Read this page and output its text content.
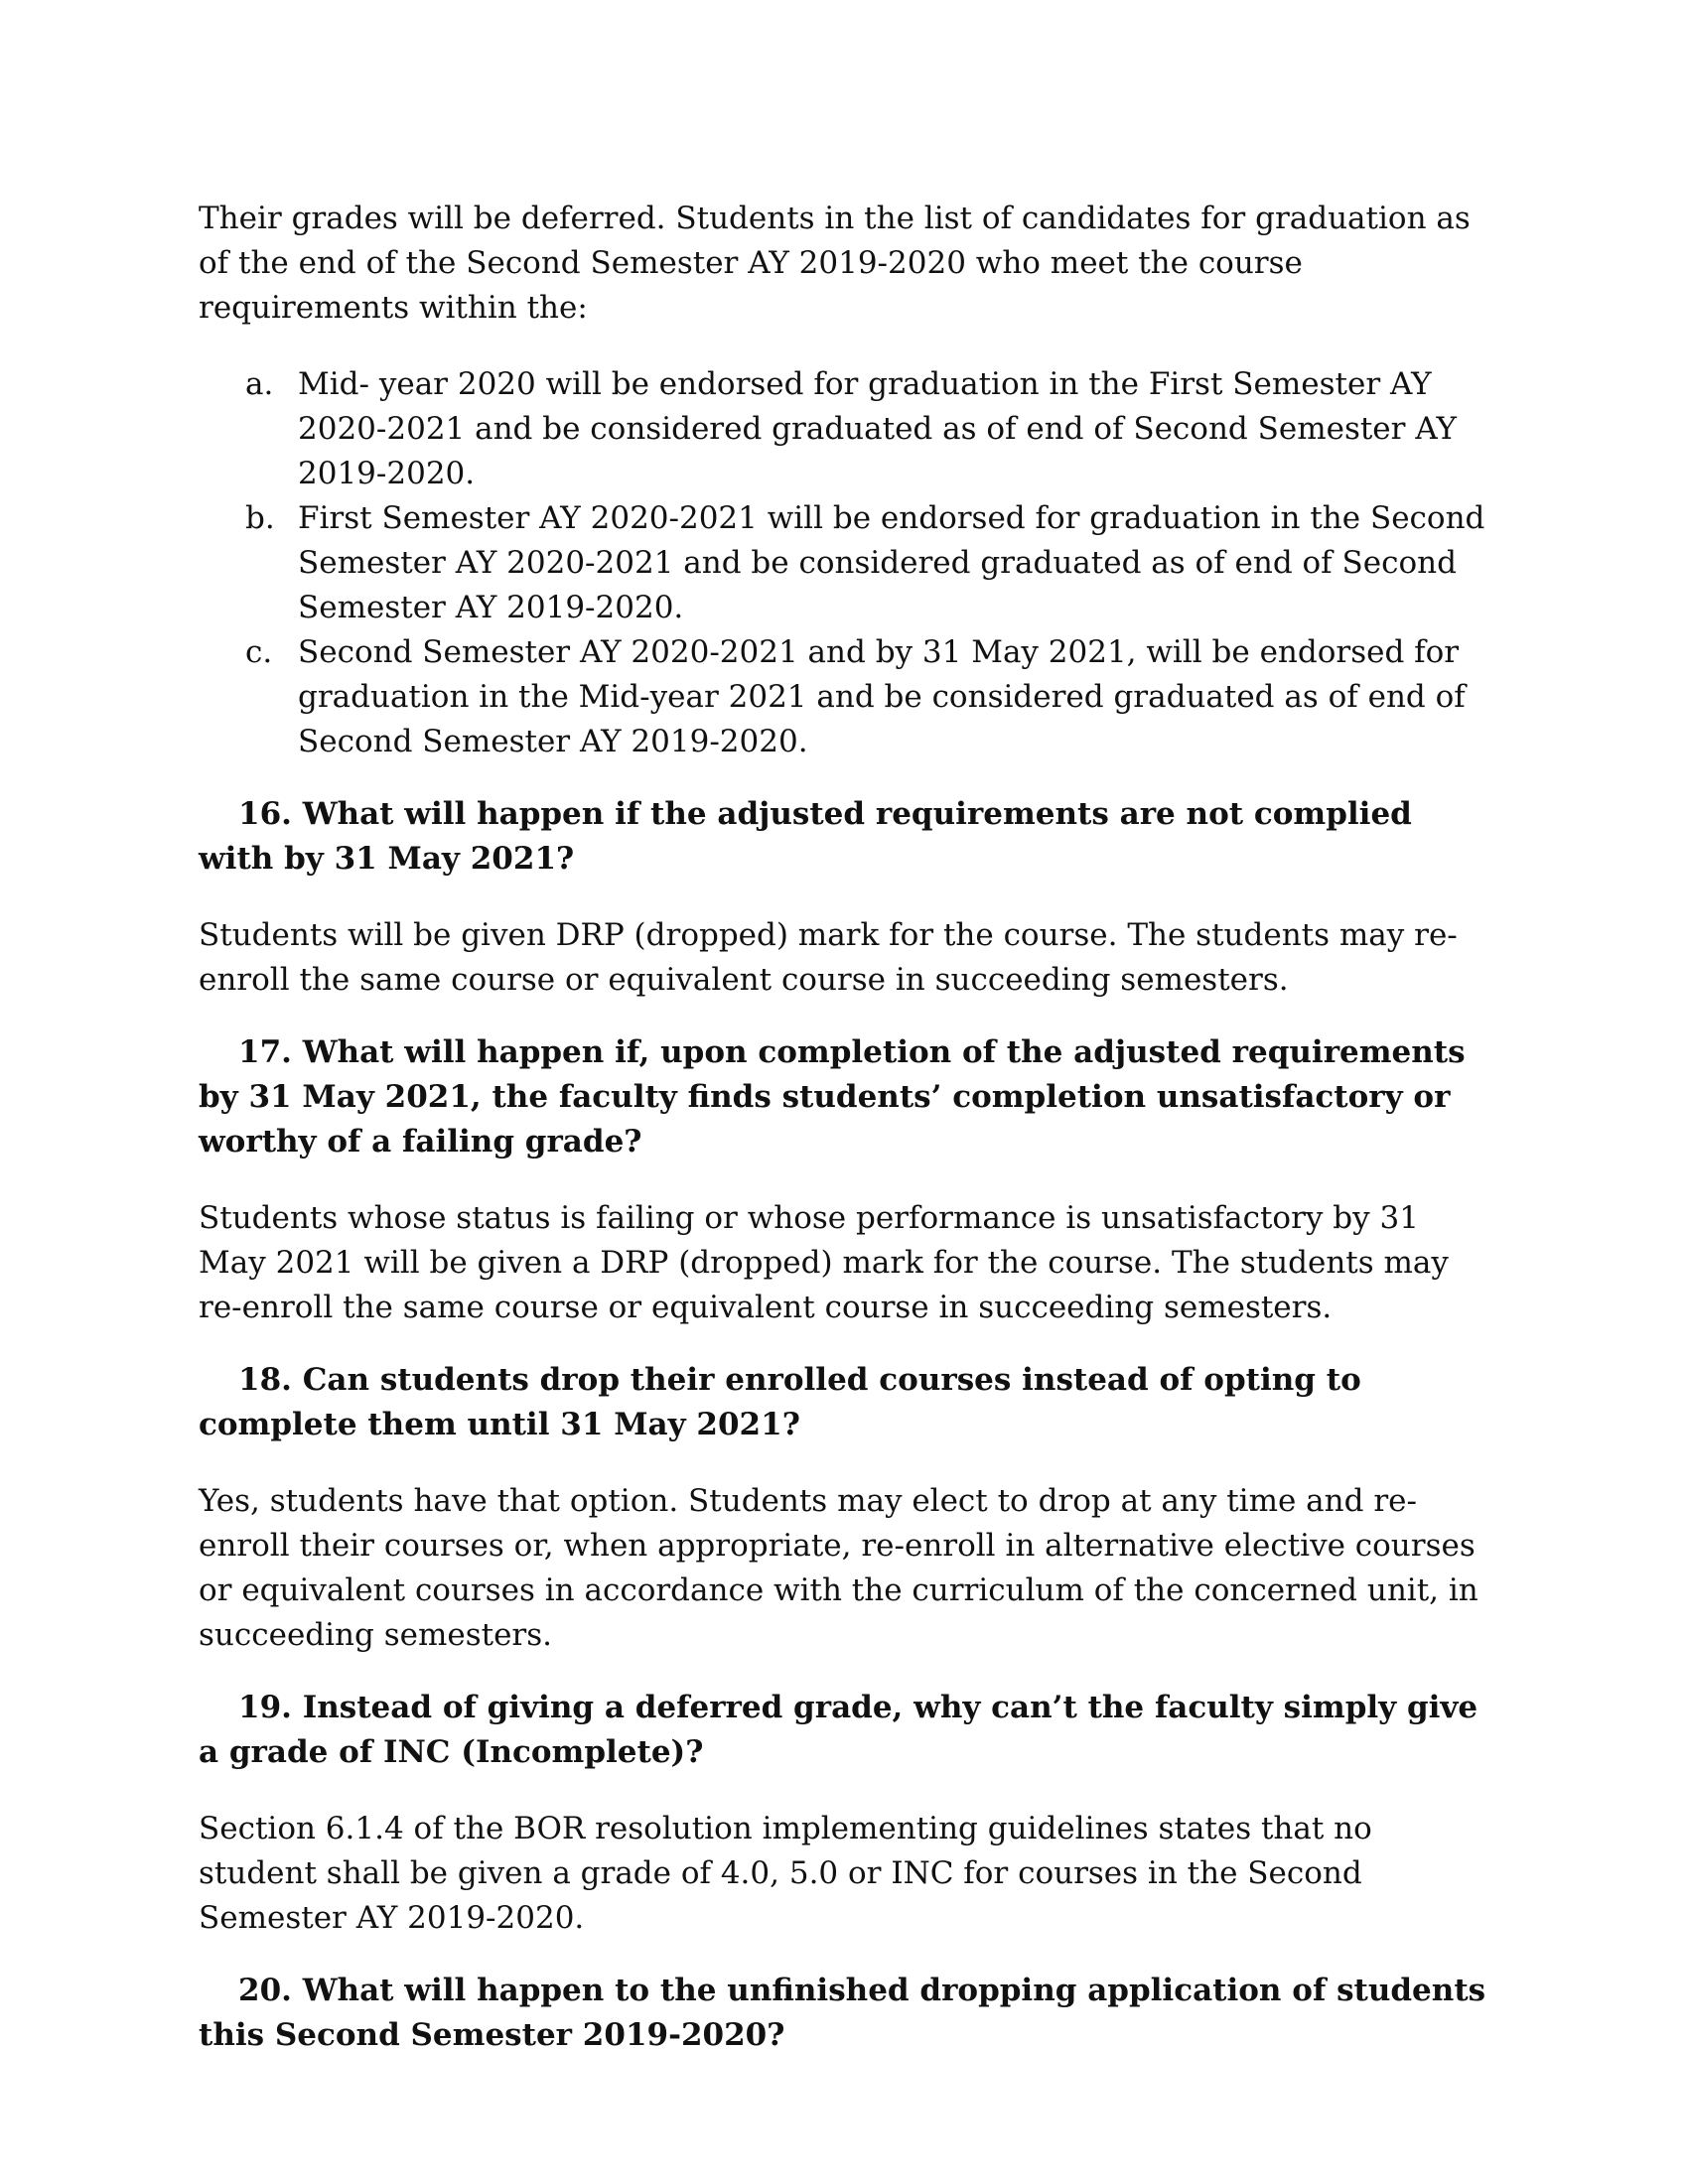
Their grades will be deferred. Students in the list of candidates for graduation as of the end of the Second Semester AY 2019-2020 who meet the course requirements within the:

a. Mid- year 2020 will be endorsed for graduation in the First Semester AY 2020-2021 and be considered graduated as of end of Second Semester AY 2019-2020.
b. First Semester AY 2020-2021 will be endorsed for graduation in the Second Semester AY 2020-2021 and be considered graduated as of end of Second Semester AY 2019-2020.
c. Second Semester AY 2020-2021 and by 31 May 2021, will be endorsed for graduation in the Mid-year 2021 and be considered graduated as of end of Second Semester AY 2019-2020.

16. What will happen if the adjusted requirements are not complied with by 31 May 2021?

Students will be given DRP (dropped) mark for the course. The students may re-enroll the same course or equivalent course in succeeding semesters.

17. What will happen if, upon completion of the adjusted requirements by 31 May 2021, the faculty finds students’ completion unsatisfactory or worthy of a failing grade?

Students whose status is failing or whose performance is unsatisfactory by 31 May 2021 will be given a DRP (dropped) mark for the course. The students may re-enroll the same course or equivalent course in succeeding semesters.

18. Can students drop their enrolled courses instead of opting to complete them until 31 May 2021?

Yes, students have that option. Students may elect to drop at any time and re-enroll their courses or, when appropriate, re-enroll in alternative elective courses or equivalent courses in accordance with the curriculum of the concerned unit, in succeeding semesters.

19. Instead of giving a deferred grade, why can’t the faculty simply give a grade of INC (Incomplete)?

Section 6.1.4 of the BOR resolution implementing guidelines states that no student shall be given a grade of 4.0, 5.0 or INC for courses in the Second Semester AY 2019-2020.

20. What will happen to the unfinished dropping application of students this Second Semester 2019-2020?
